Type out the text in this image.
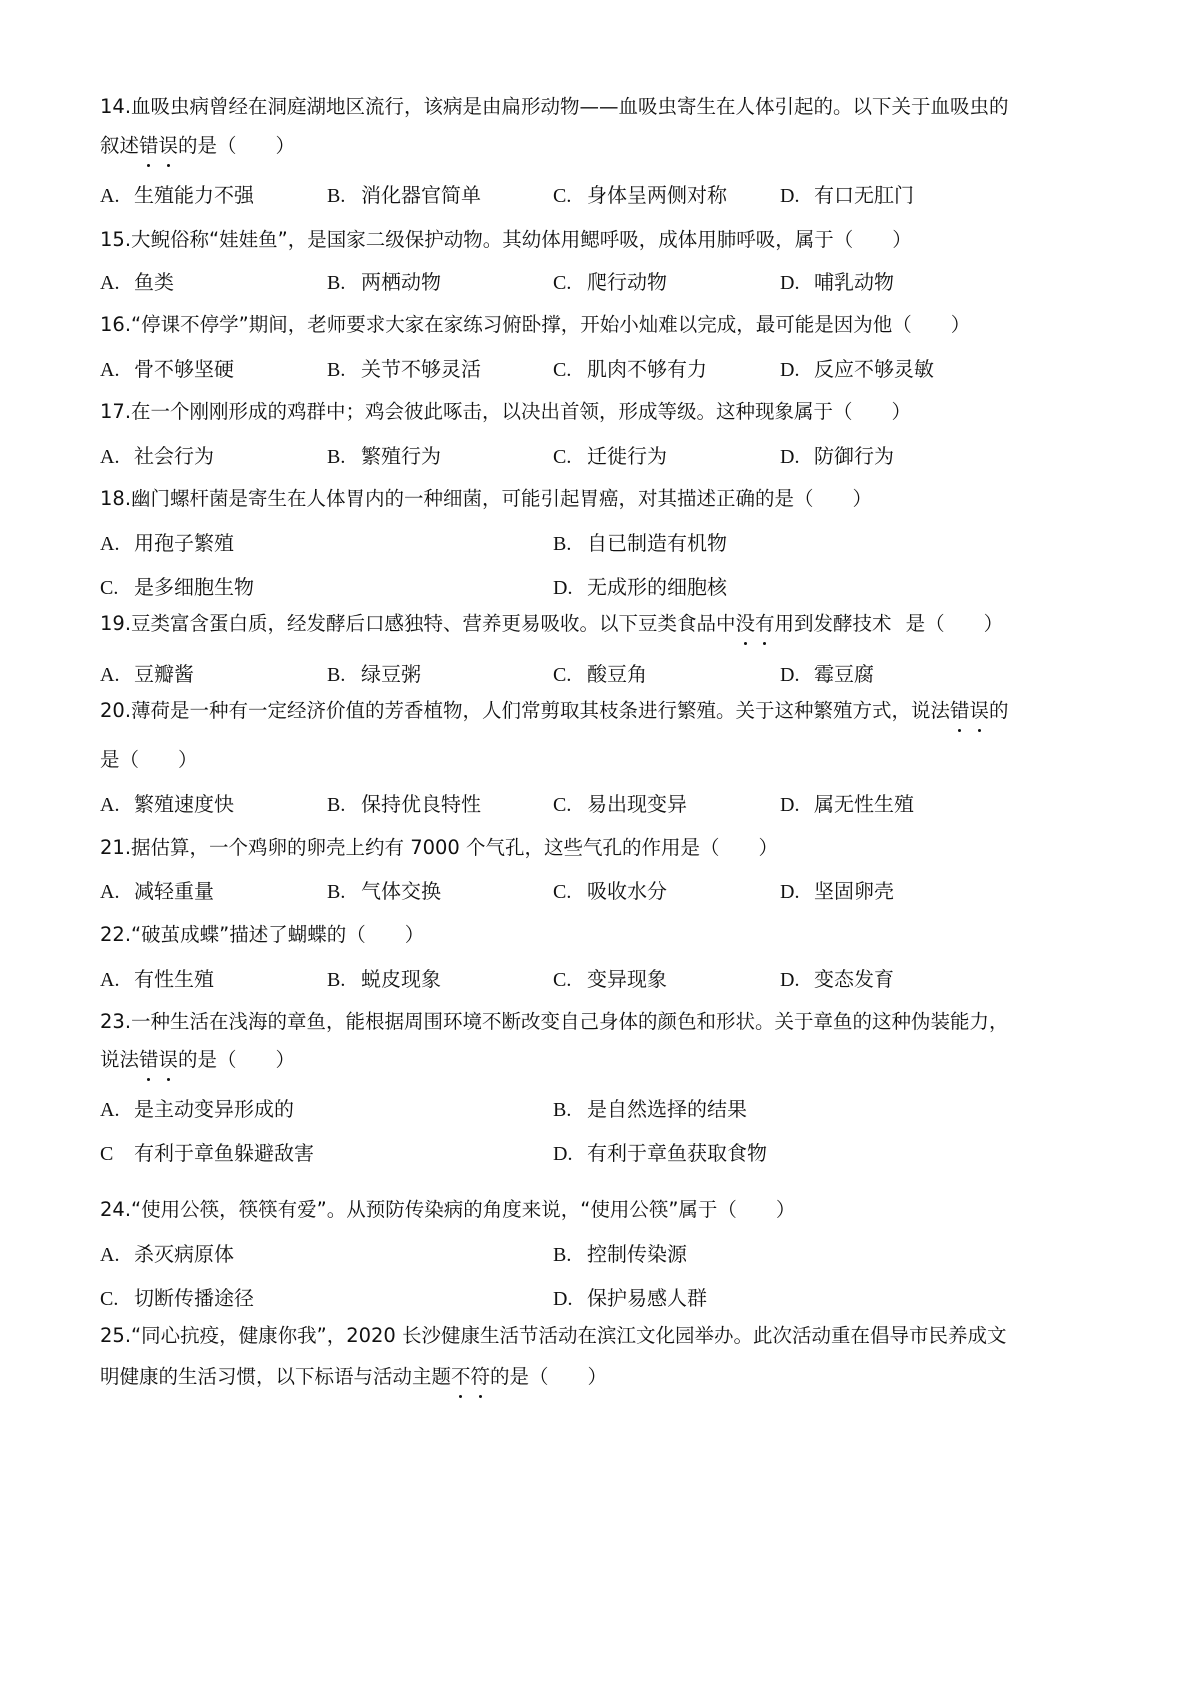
14.血吸虫病曾经在洞庭湖地区流行，该病是由扁形动物——血吸虫寄生在人体引起的。以下关于血吸虫的
叙述错误的是（　　）
A. 生殖能力不强	B. 消化器官简单	C. 身体呈两侧对称	D. 有口无肛门
15.大鲵俗称“娃娃鱼”，是国家二级保护动物。其幼体用鳃呼吸，成体用肺呼吸，属于（　　）
A. 鱼类	B. 两栖动物	C. 爬行动物	D. 哺乳动物
16.“停课不停学”期间，老师要求大家在家练习俯卧撑，开始小灿难以完成，最可能是因为他（　　）
A. 骨不够坚硬	B. 关节不够灵活	C. 肌肉不够有力	D. 反应不够灵敏
17.在一个刚刚形成的鸡群中；鸡会彼此啄击，以决出首领，形成等级。这种现象属于（　　）
A. 社会行为	B. 繁殖行为	C. 迁徙行为	D. 防御行为
18.幽门螺杆菌是寄生在人体胃内的一种细菌，可能引起胃癌，对其描述正确的是（　　）
A. 用孢子繁殖	B. 自已制造有机物
C. 是多细胞生物	D. 无成形的细胞核
19.豆类富含蛋白质，经发酵后口感独特、营养更易吸收。以下豆类食品中没有用到发酵技术 是（　　）
A. 豆瓣酱	B. 绿豆粥	C. 酸豆角	D. 霉豆腐
20.薄荷是一种有一定经济价值的芳香植物，人们常剪取其枝条进行繁殖。关于这种繁殖方式，说法错误的
是（　　）
A. 繁殖速度快	B. 保持优良特性	C. 易出现变异	D. 属无性生殖
21.据估算，一个鸡卵的卵壳上约有 7000 个气孔，这些气孔的作用是（　　）
A. 减轻重量	B. 气体交换	C. 吸收水分	D. 坚固卵壳
22.“破茧成蝶”描述了蝴蝶的（　　）
A. 有性生殖	B. 蜕皮现象	C. 变异现象	D. 变态发育
23.一种生活在浅海的章鱼，能根据周围环境不断改变自己身体的颜色和形状。关于章鱼的这种伪装能力，
说法错误的是（　　）
A. 是主动变异形成的	B. 是自然选择的结果
C 有利于章鱼躲避敌害	D. 有利于章鱼获取食物
24.“使用公筷，筷筷有爱”。从预防传染病的角度来说，“使用公筷”属于（　　）
A. 杀灭病原体	B. 控制传染源
C. 切断传播途径	D. 保护易感人群
25.“同心抗疫，健康你我”，2020 长沙健康生活节活动在滨江文化园举办。此次活动重在倡导市民养成文
明健康的生活习惯，以下标语与活动主题不符的是（　　）
